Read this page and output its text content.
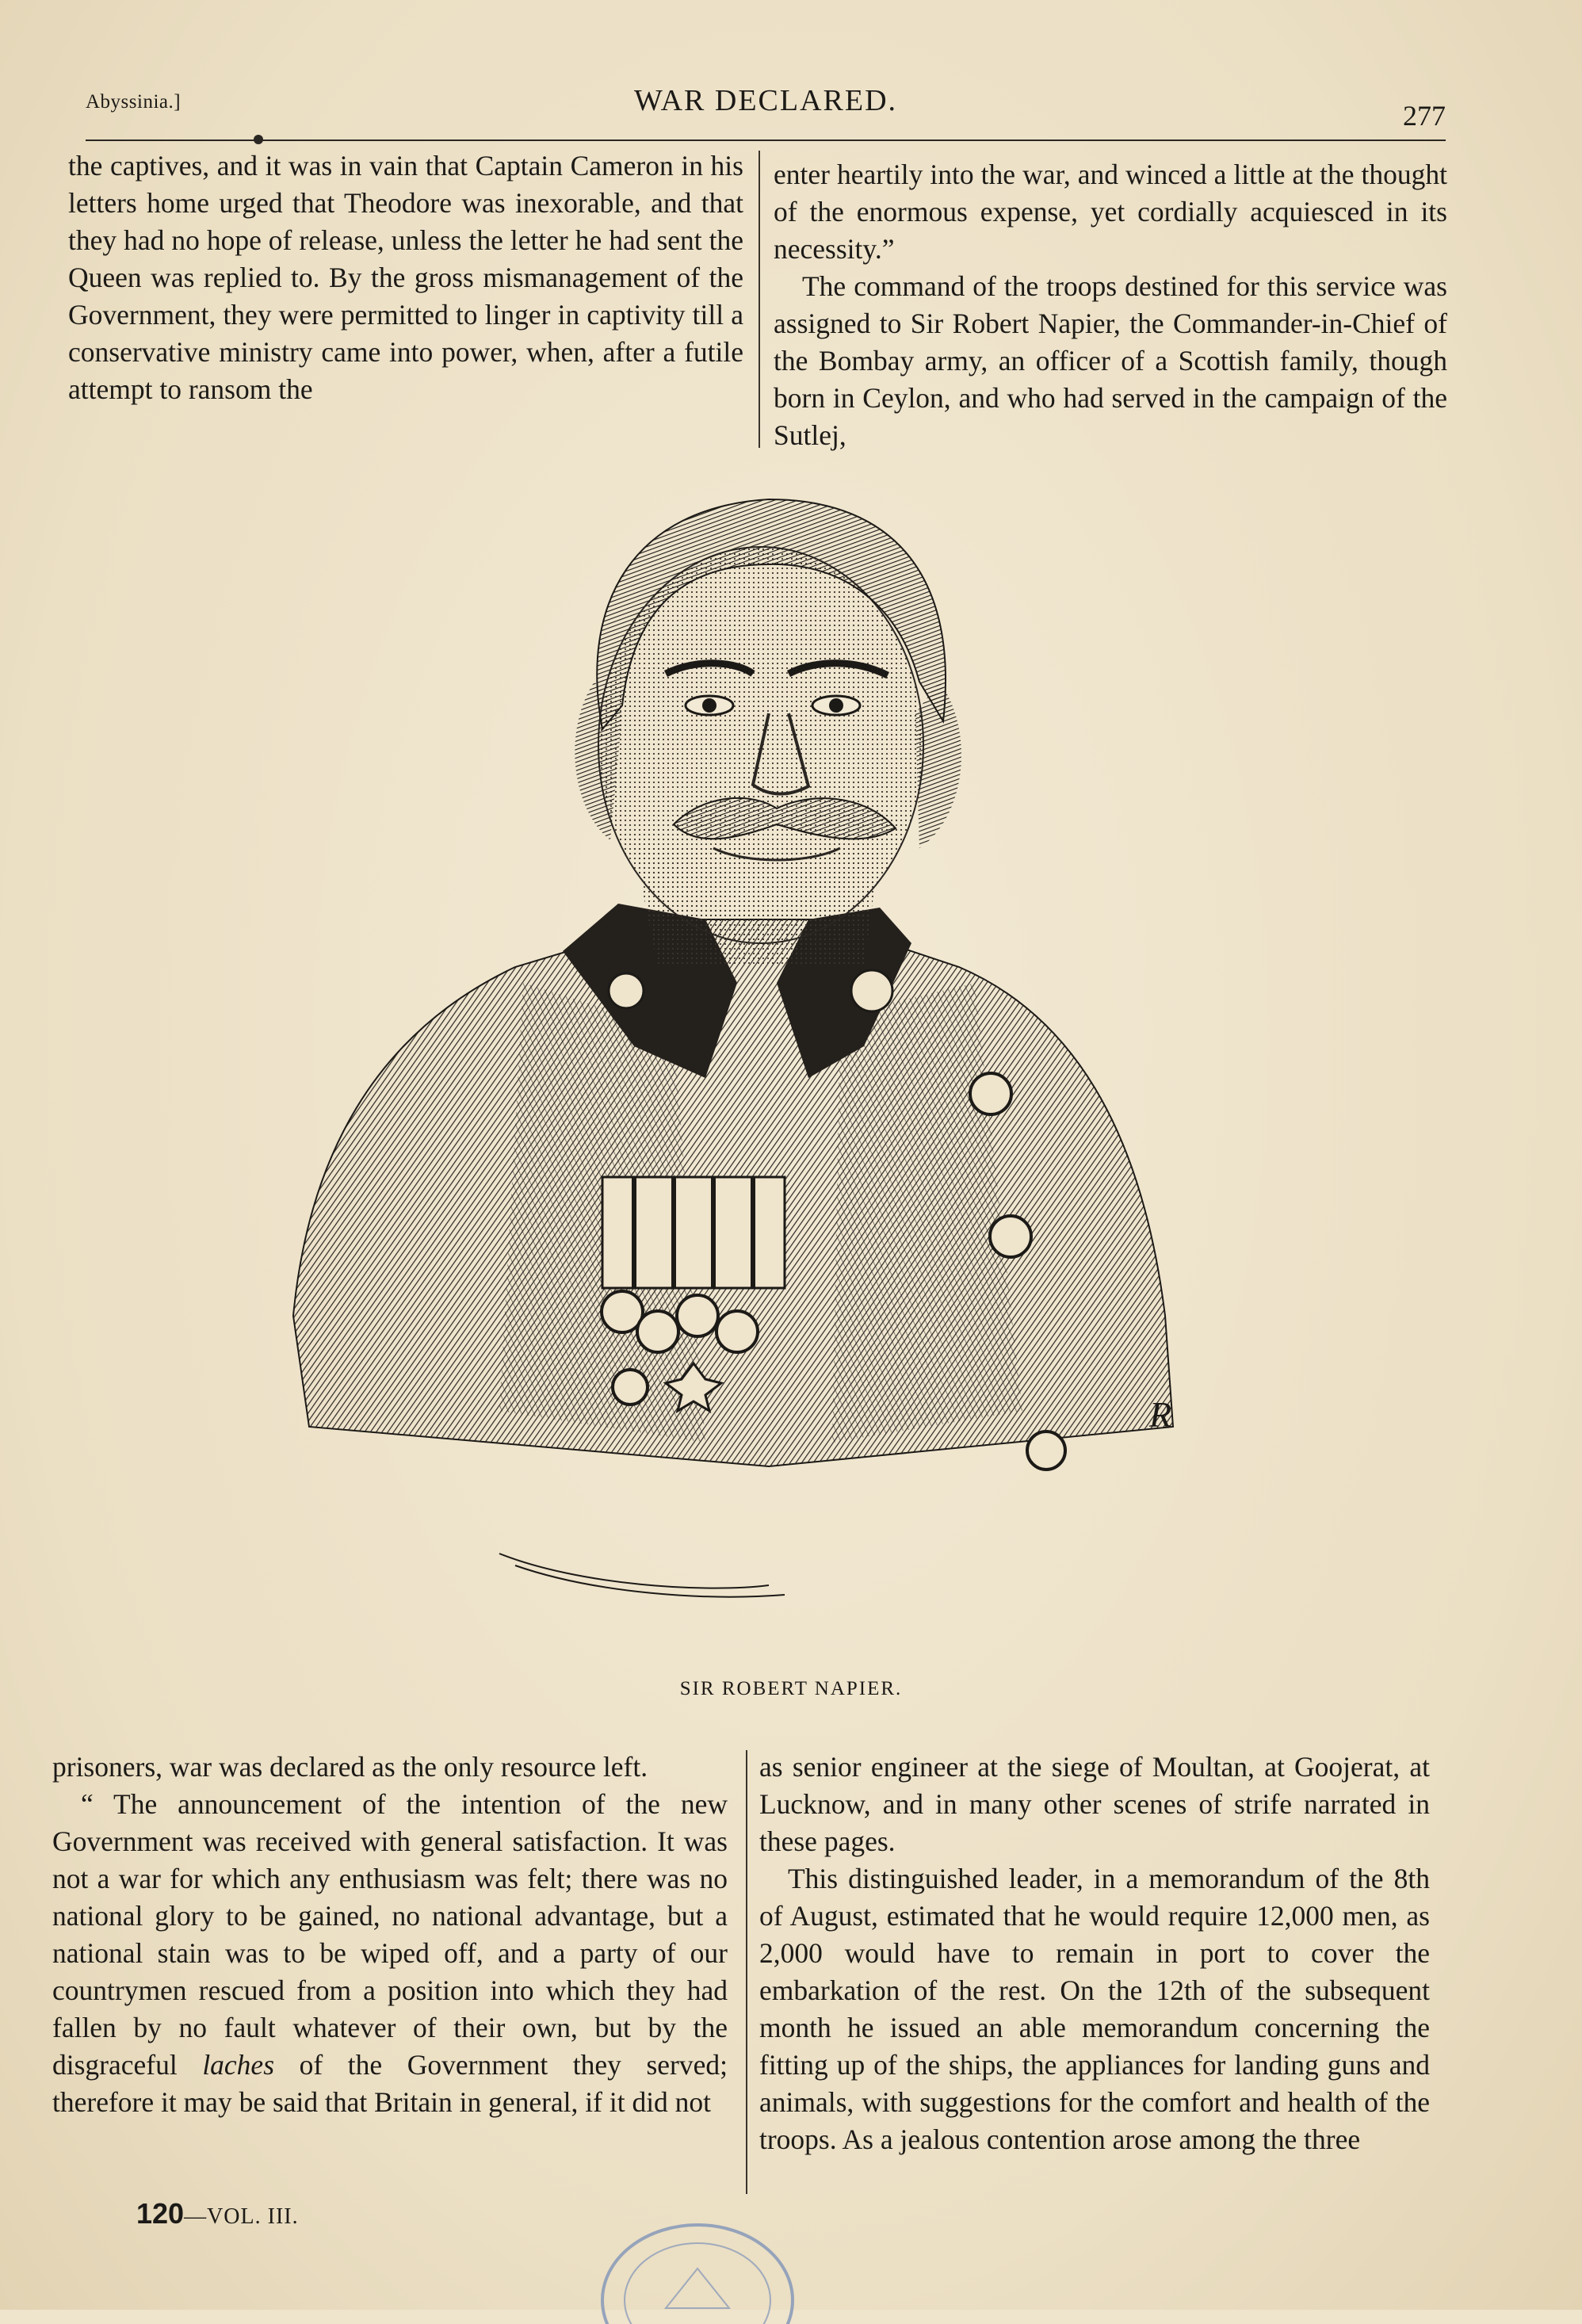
Abyssinia.]	WAR DECLARED.	277

the captives, and it was in vain that Captain Cameron in his letters home urged that Theodore was inexorable, and that they had no hope of release, unless the letter he had sent the Queen was replied to. By the gross mismanagement of the Government, they were permitted to linger in captivity till a conservative ministry came into power, when, after a futile attempt to ransom the

enter heartily into the war, and winced a little at the thought of the enormous expense, yet cordially acquiesced in its necessity.”

The command of the troops destined for this service was assigned to Sir Robert Napier, the Commander-in-Chief of the Bombay army, an officer of a Scottish family, though born in Ceylon, and who had served in the campaign of the Sutlej,

R
SIR ROBERT NAPIER.

prisoners, war was declared as the only resource left.

“ The announcement of the intention of the new Government was received with general satisfaction. It was not a war for which any enthusiasm was felt; there was no national glory to be gained, no national advantage, but a national stain was to be wiped off, and a party of our countrymen rescued from a position into which they had fallen by no fault whatever of their own, but by the disgraceful laches of the Government they served; therefore it may be said that Britain in general, if it did not

as senior engineer at the siege of Moultan, at Goojerat, at Lucknow, and in many other scenes of strife narrated in these pages.

This distinguished leader, in a memorandum of the 8th of August, estimated that he would require 12,000 men, as 2,000 would have to remain in port to cover the embarkation of the rest. On the 12th of the subsequent month he issued an able memorandum concerning the fitting up of the ships, the appliances for landing guns and animals, with suggestions for the comfort and health of the troops. As a jealous contention arose among the three

120—VOL. III.
